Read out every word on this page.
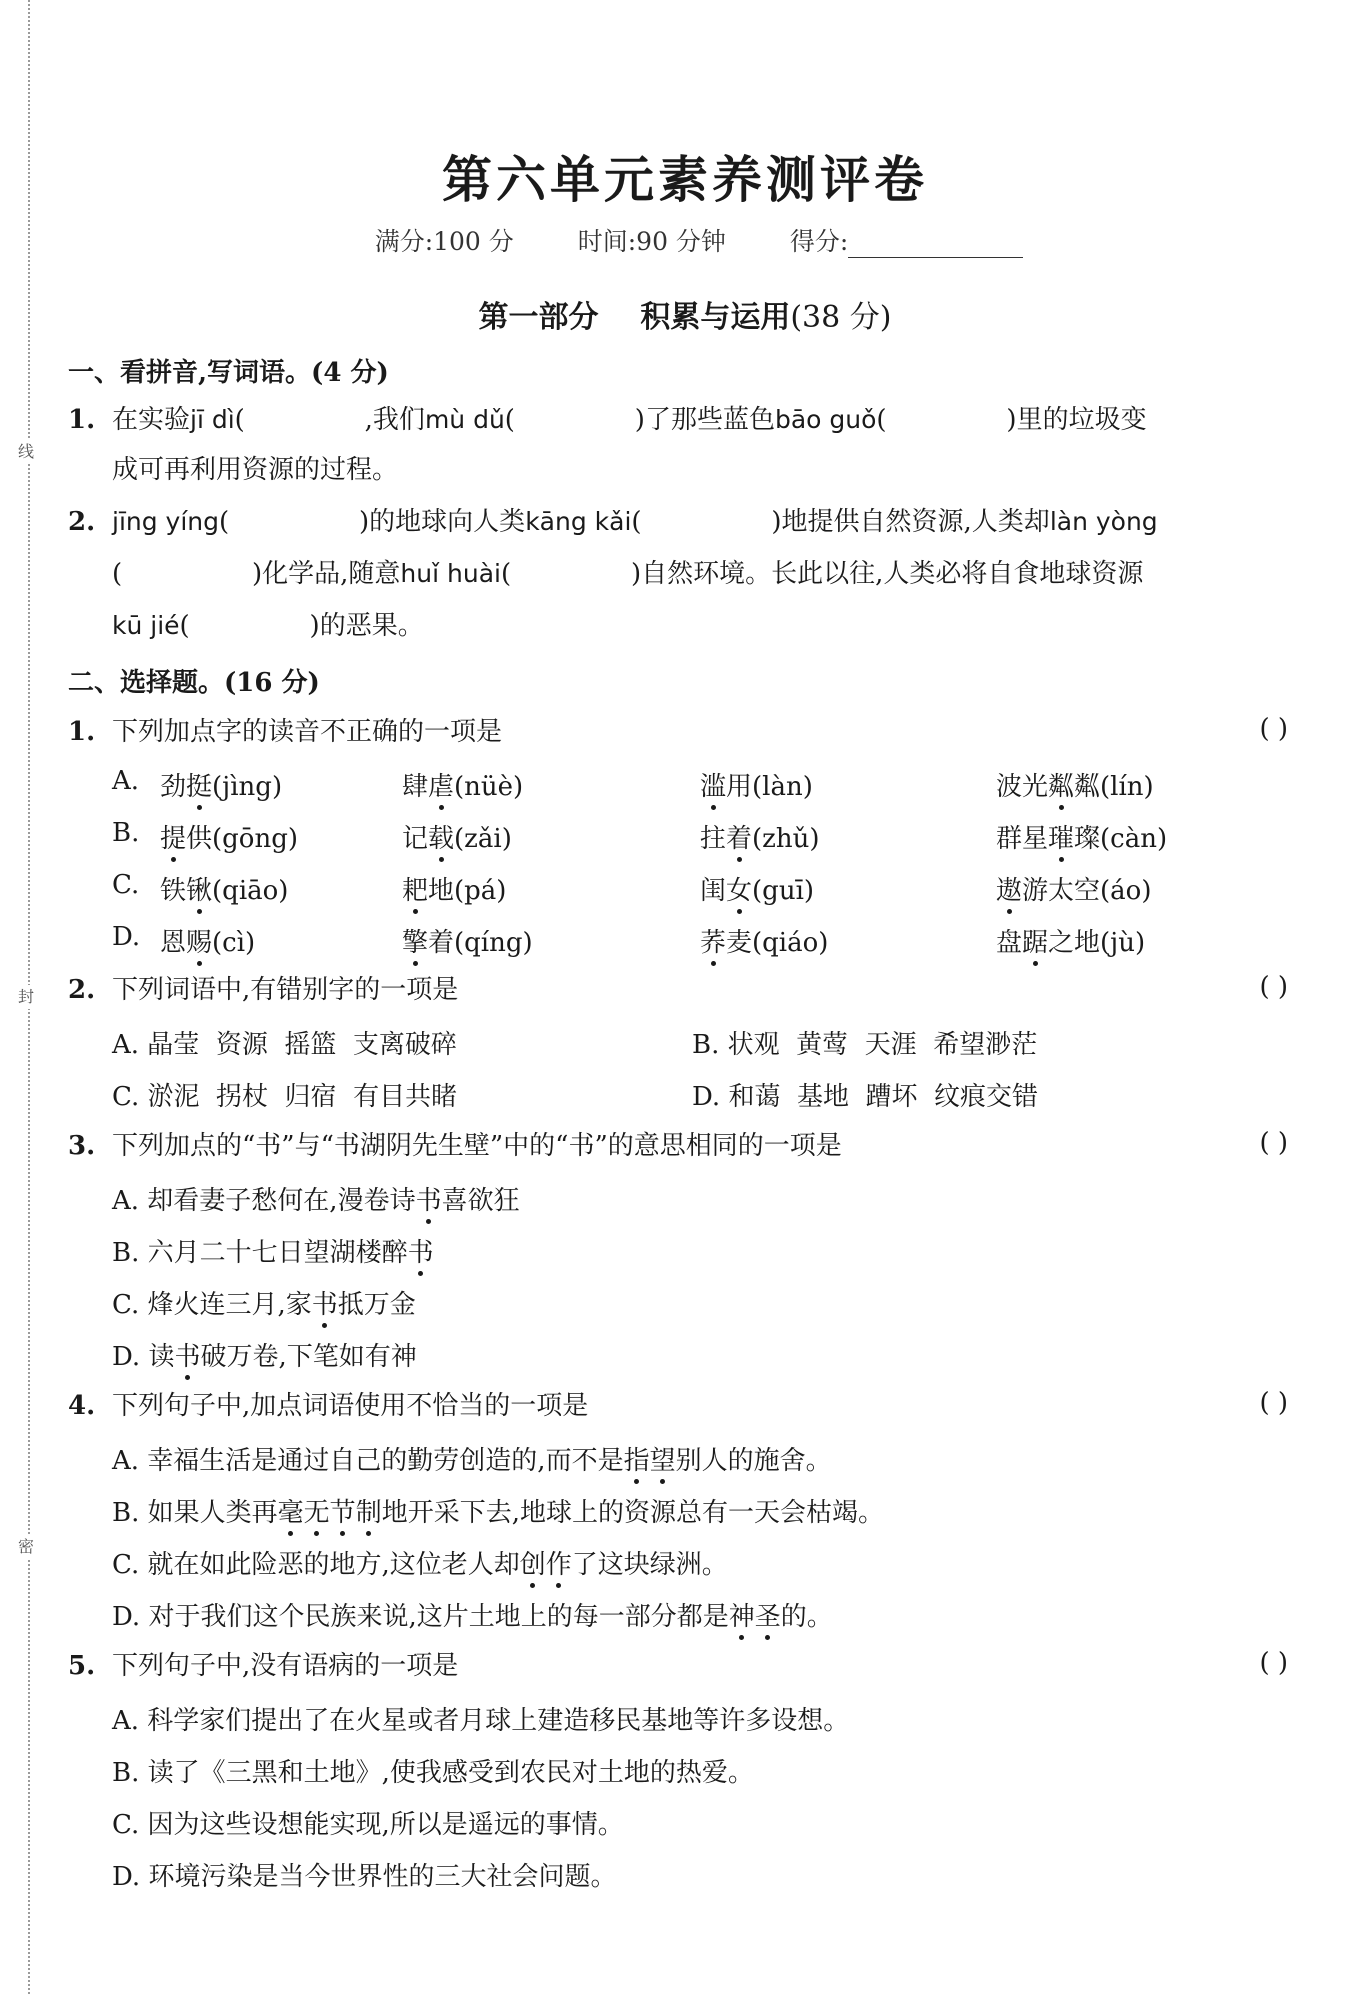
线
封
密
第六单元素养测评卷
满分:100 分	时间:90 分钟	得分:
第一部分 积累与运用(38 分)
一、看拼音,写词语。(4 分)
1. 在实验jī dì(	,我们mù dǔ(	)了那些蓝色bāo guǒ(	)里的垃圾变
成可再利用资源的过程。
2. jīng yíng(	)的地球向人类kāng kǎi(	)地提供自然资源,人类却làn yòng
(	)化学品,随意huǐ huài(	)自然环境。长此以往,人类必将自食地球资源
kū jié(	)的恶果。
二、选择题。(16 分)
1. 下列加点字的读音不正确的一项是	( )
A. 劲挺(jìng)	肆虐(nüè)	滥用(làn)	波光粼粼(lín)
B. 提供(gōng)	记载(zǎi)	拄着(zhǔ)	群星璀璨(càn)
C. 铁锹(qiāo)	耙地(pá)	闺女(guī)	遨游太空(áo)
D. 恩赐(cì)	擎着(qíng)	荞麦(qiáo)	盘踞之地(jù)
2. 下列词语中,有错别字的一项是	( )
A. 晶莹  资源  摇篮  支离破碎	B. 状观  黄莺  天涯  希望渺茫
C. 淤泥  拐杖  归宿  有目共睹	D. 和蔼  基地  蹧坏  纹痕交错
3. 下列加点的“书”与“书湖阴先生壁”中的“书”的意思相同的一项是	( )
A. 却看妻子愁何在,漫卷诗书喜欲狂
B. 六月二十七日望湖楼醉书
C. 烽火连三月,家书抵万金
D. 读书破万卷,下笔如有神
4. 下列句子中,加点词语使用不恰当的一项是	( )
A. 幸福生活是通过自己的勤劳创造的,而不是指望别人的施舍。
B. 如果人类再毫无节制地开采下去,地球上的资源总有一天会枯竭。
C. 就在如此险恶的地方,这位老人却创作了这块绿洲。
D. 对于我们这个民族来说,这片土地上的每一部分都是神圣的。
5. 下列句子中,没有语病的一项是	( )
A. 科学家们提出了在火星或者月球上建造移民基地等许多设想。
B. 读了《三黑和土地》,使我感受到农民对土地的热爱。
C. 因为这些设想能实现,所以是遥远的事情。
D. 环境污染是当今世界性的三大社会问题。
